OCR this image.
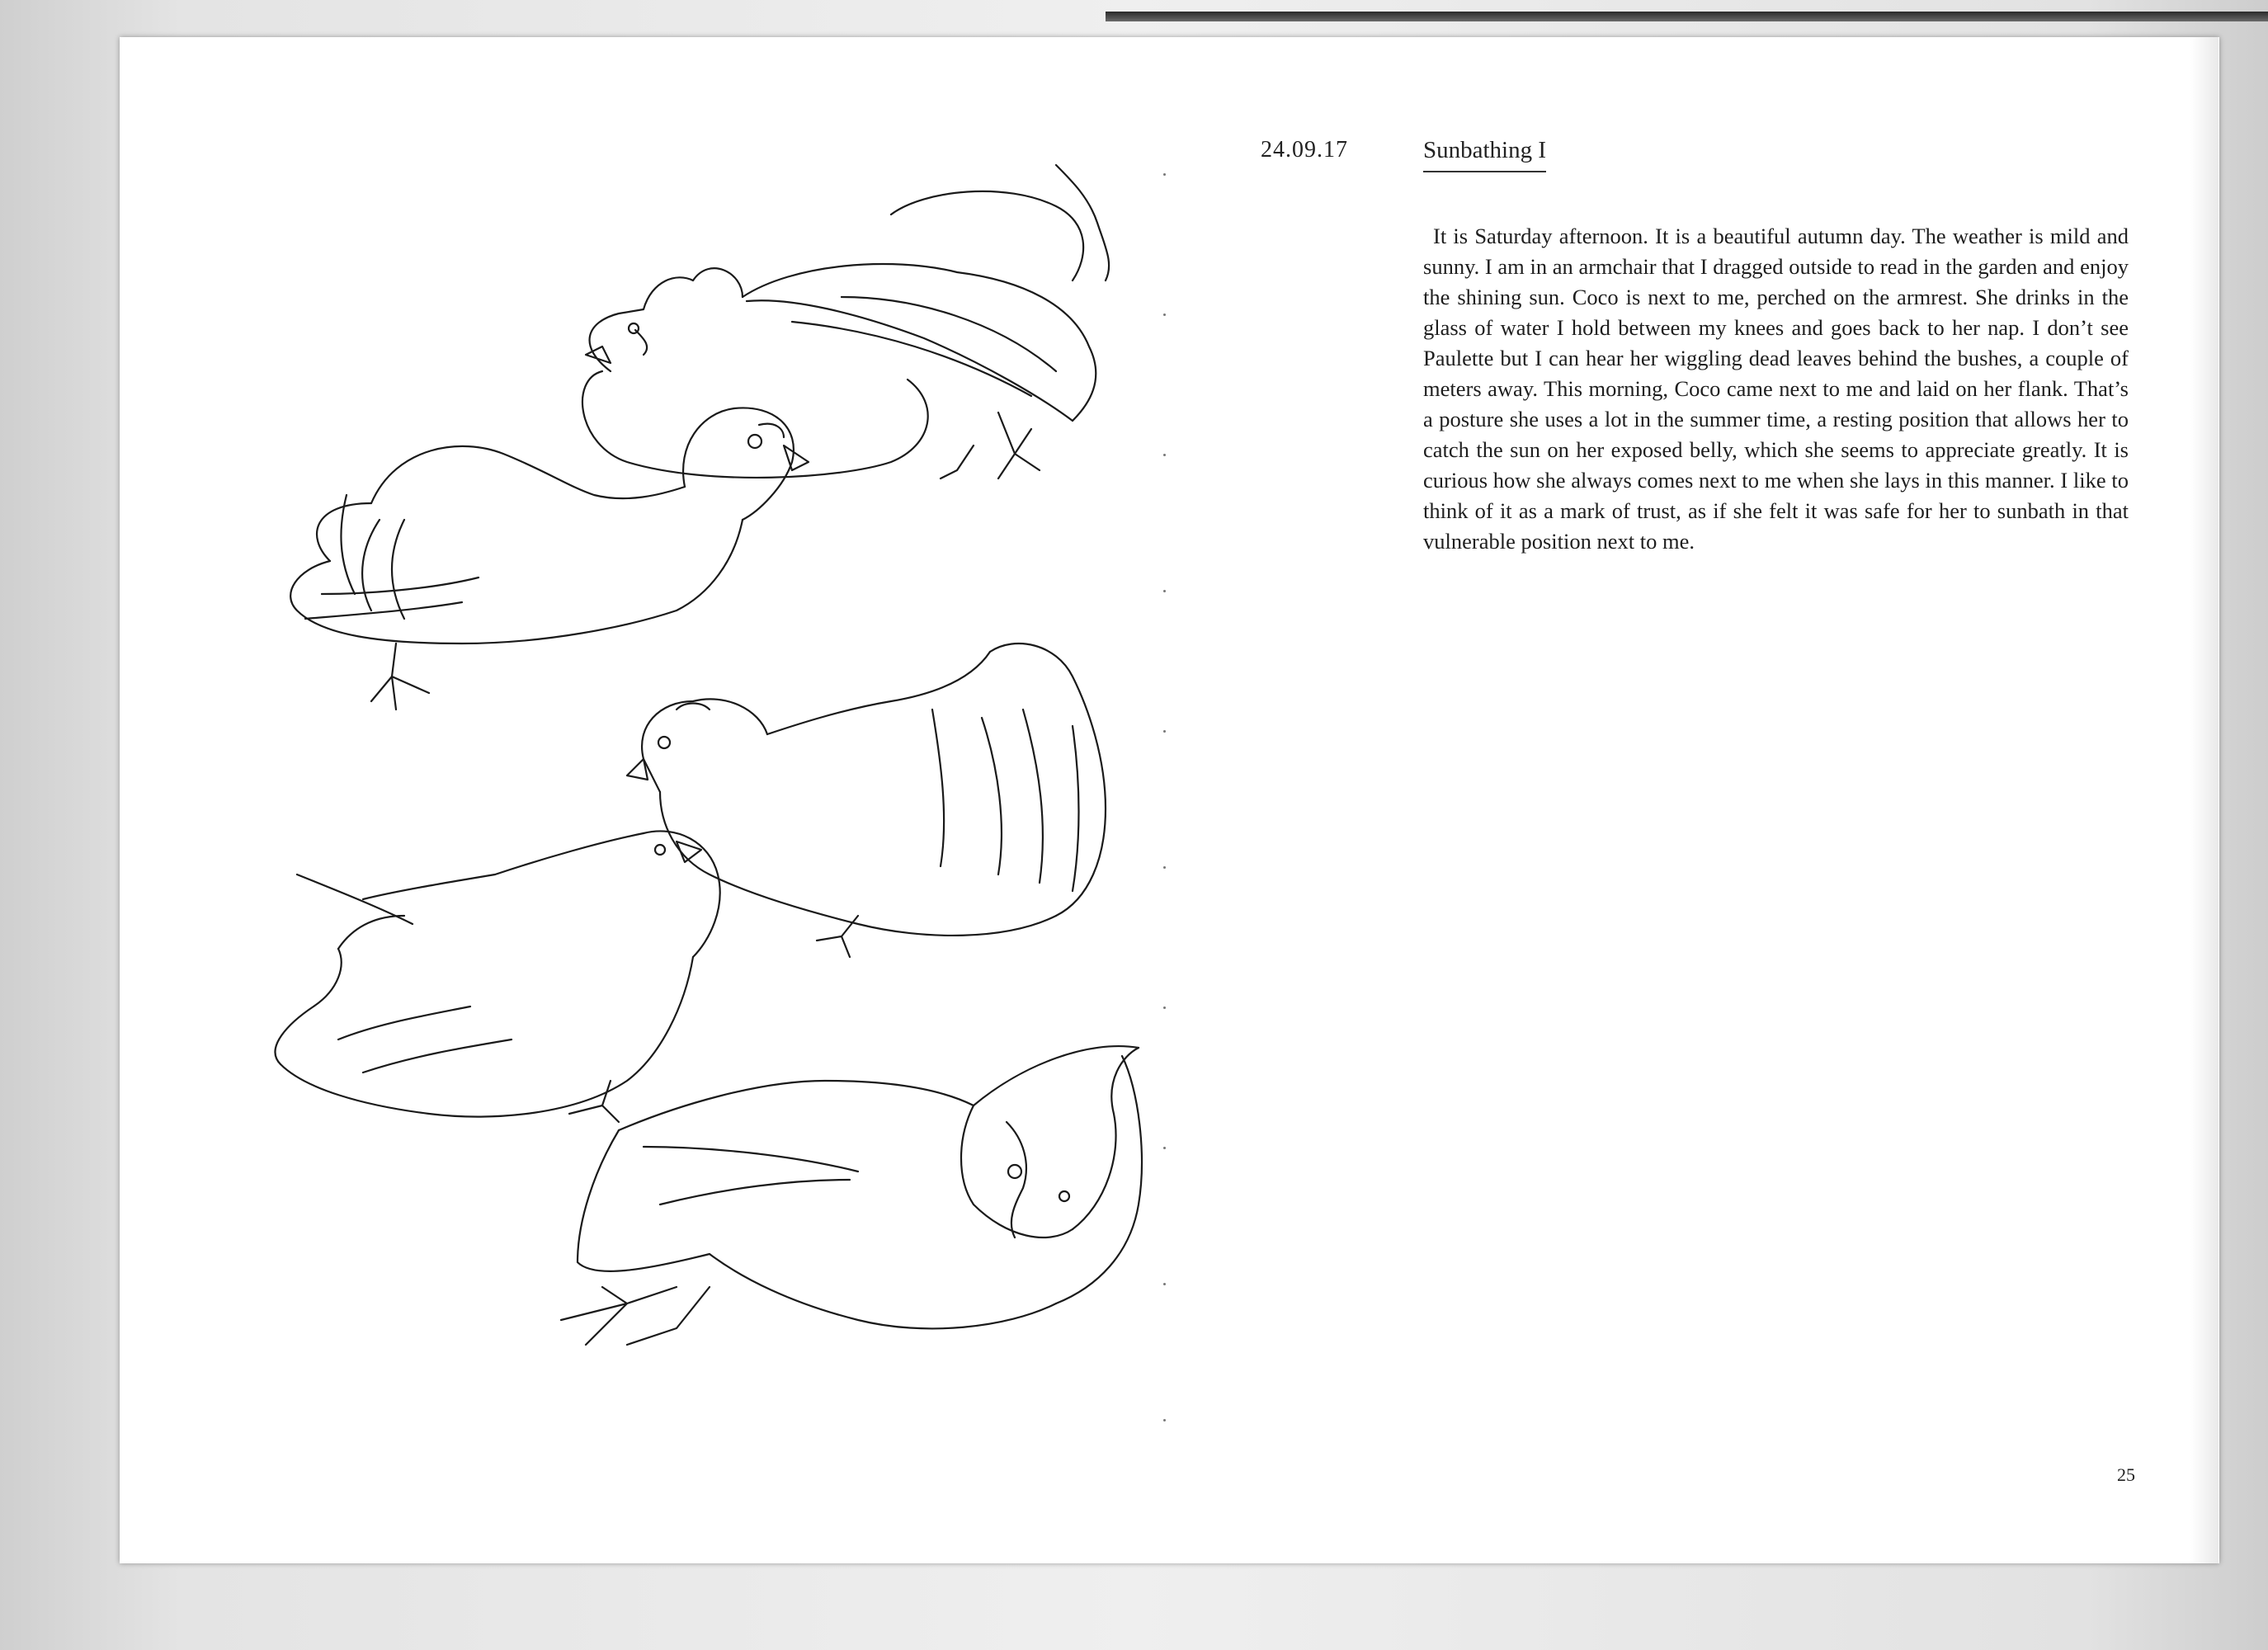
24.09.17	Sunbathing I
It is Saturday afternoon. It is a beautiful autumn day. The weather is mild and sunny. I am in an armchair that I dragged outside to read in the garden and enjoy the shining sun. Coco is next to me, perched on the armrest. She drinks in the glass of water I hold between my knees and goes back to her nap. I don’t see Paulette but I can hear her wiggling dead leaves behind the bushes, a couple of meters away. This morning, Coco came next to me and laid on her flank. That’s a posture she uses a lot in the summer time, a resting position that allows her to catch the sun on her exposed belly, which she seems to appreciate greatly. It is curious how she always comes next to me when she lays in this manner. I like to think of it as a mark of trust, as if she felt it was safe for her to sunbath in that vulnerable position next to me.
25
